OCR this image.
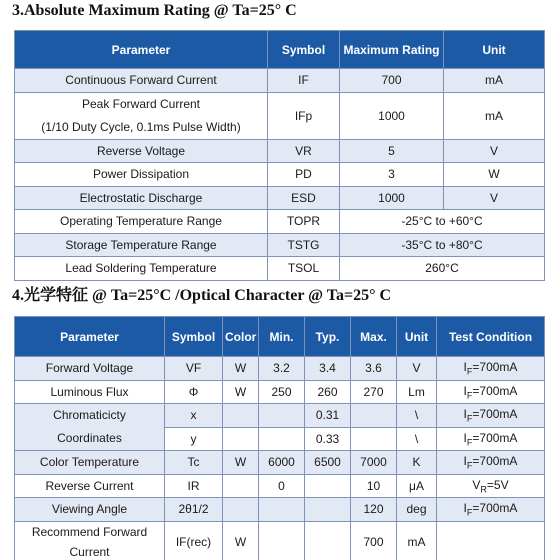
3.Absolute Maximum Rating @ Ta=25° C
Parameter	Symbol	Maximum Rating	Unit
Continuous Forward Current	IF	700	mA

Peak Forward Current
(1/10 Duty Cycle, 0.1ms Pulse Width)	IFp	1000	mA
Reverse Voltage	VR	5	V
Power Dissipation	PD	3	W
Electrostatic Discharge	ESD	1000	V
Operating Temperature Range	TOPR	-25°C to +60°C	
Storage Temperature Range	TSTG	-35°C to +80°C	
Lead Soldering Temperature	TSOL	260°C	
4.光学特征 @ Ta=25°C /Optical Character @ Ta=25° C
Parameter	Symbol	Color	Min.	Typ.	Max.	Unit	Test Condition
Forward Voltage	VF	W	3.2	3.4	3.6	V	$I_F=700mA$
Luminous Flux	Φ	W	250	260	270	Lm	$I_F=700mA$

Chromaticicty
Coordinates	x			0.31		\	$I_F=700mA$
	y			0.33		\	$I_F=700mA$
Color Temperature	Tc	W	6000	6500	7000	K	$I_F=700mA$
Reverse Current	IR		0		10	μA	$V_R=5V$
Viewing Angle	2θ1/2				120	deg	$I_F=700mA$

Recommend Forward
Current	IF(rec)	W			700	mA	
